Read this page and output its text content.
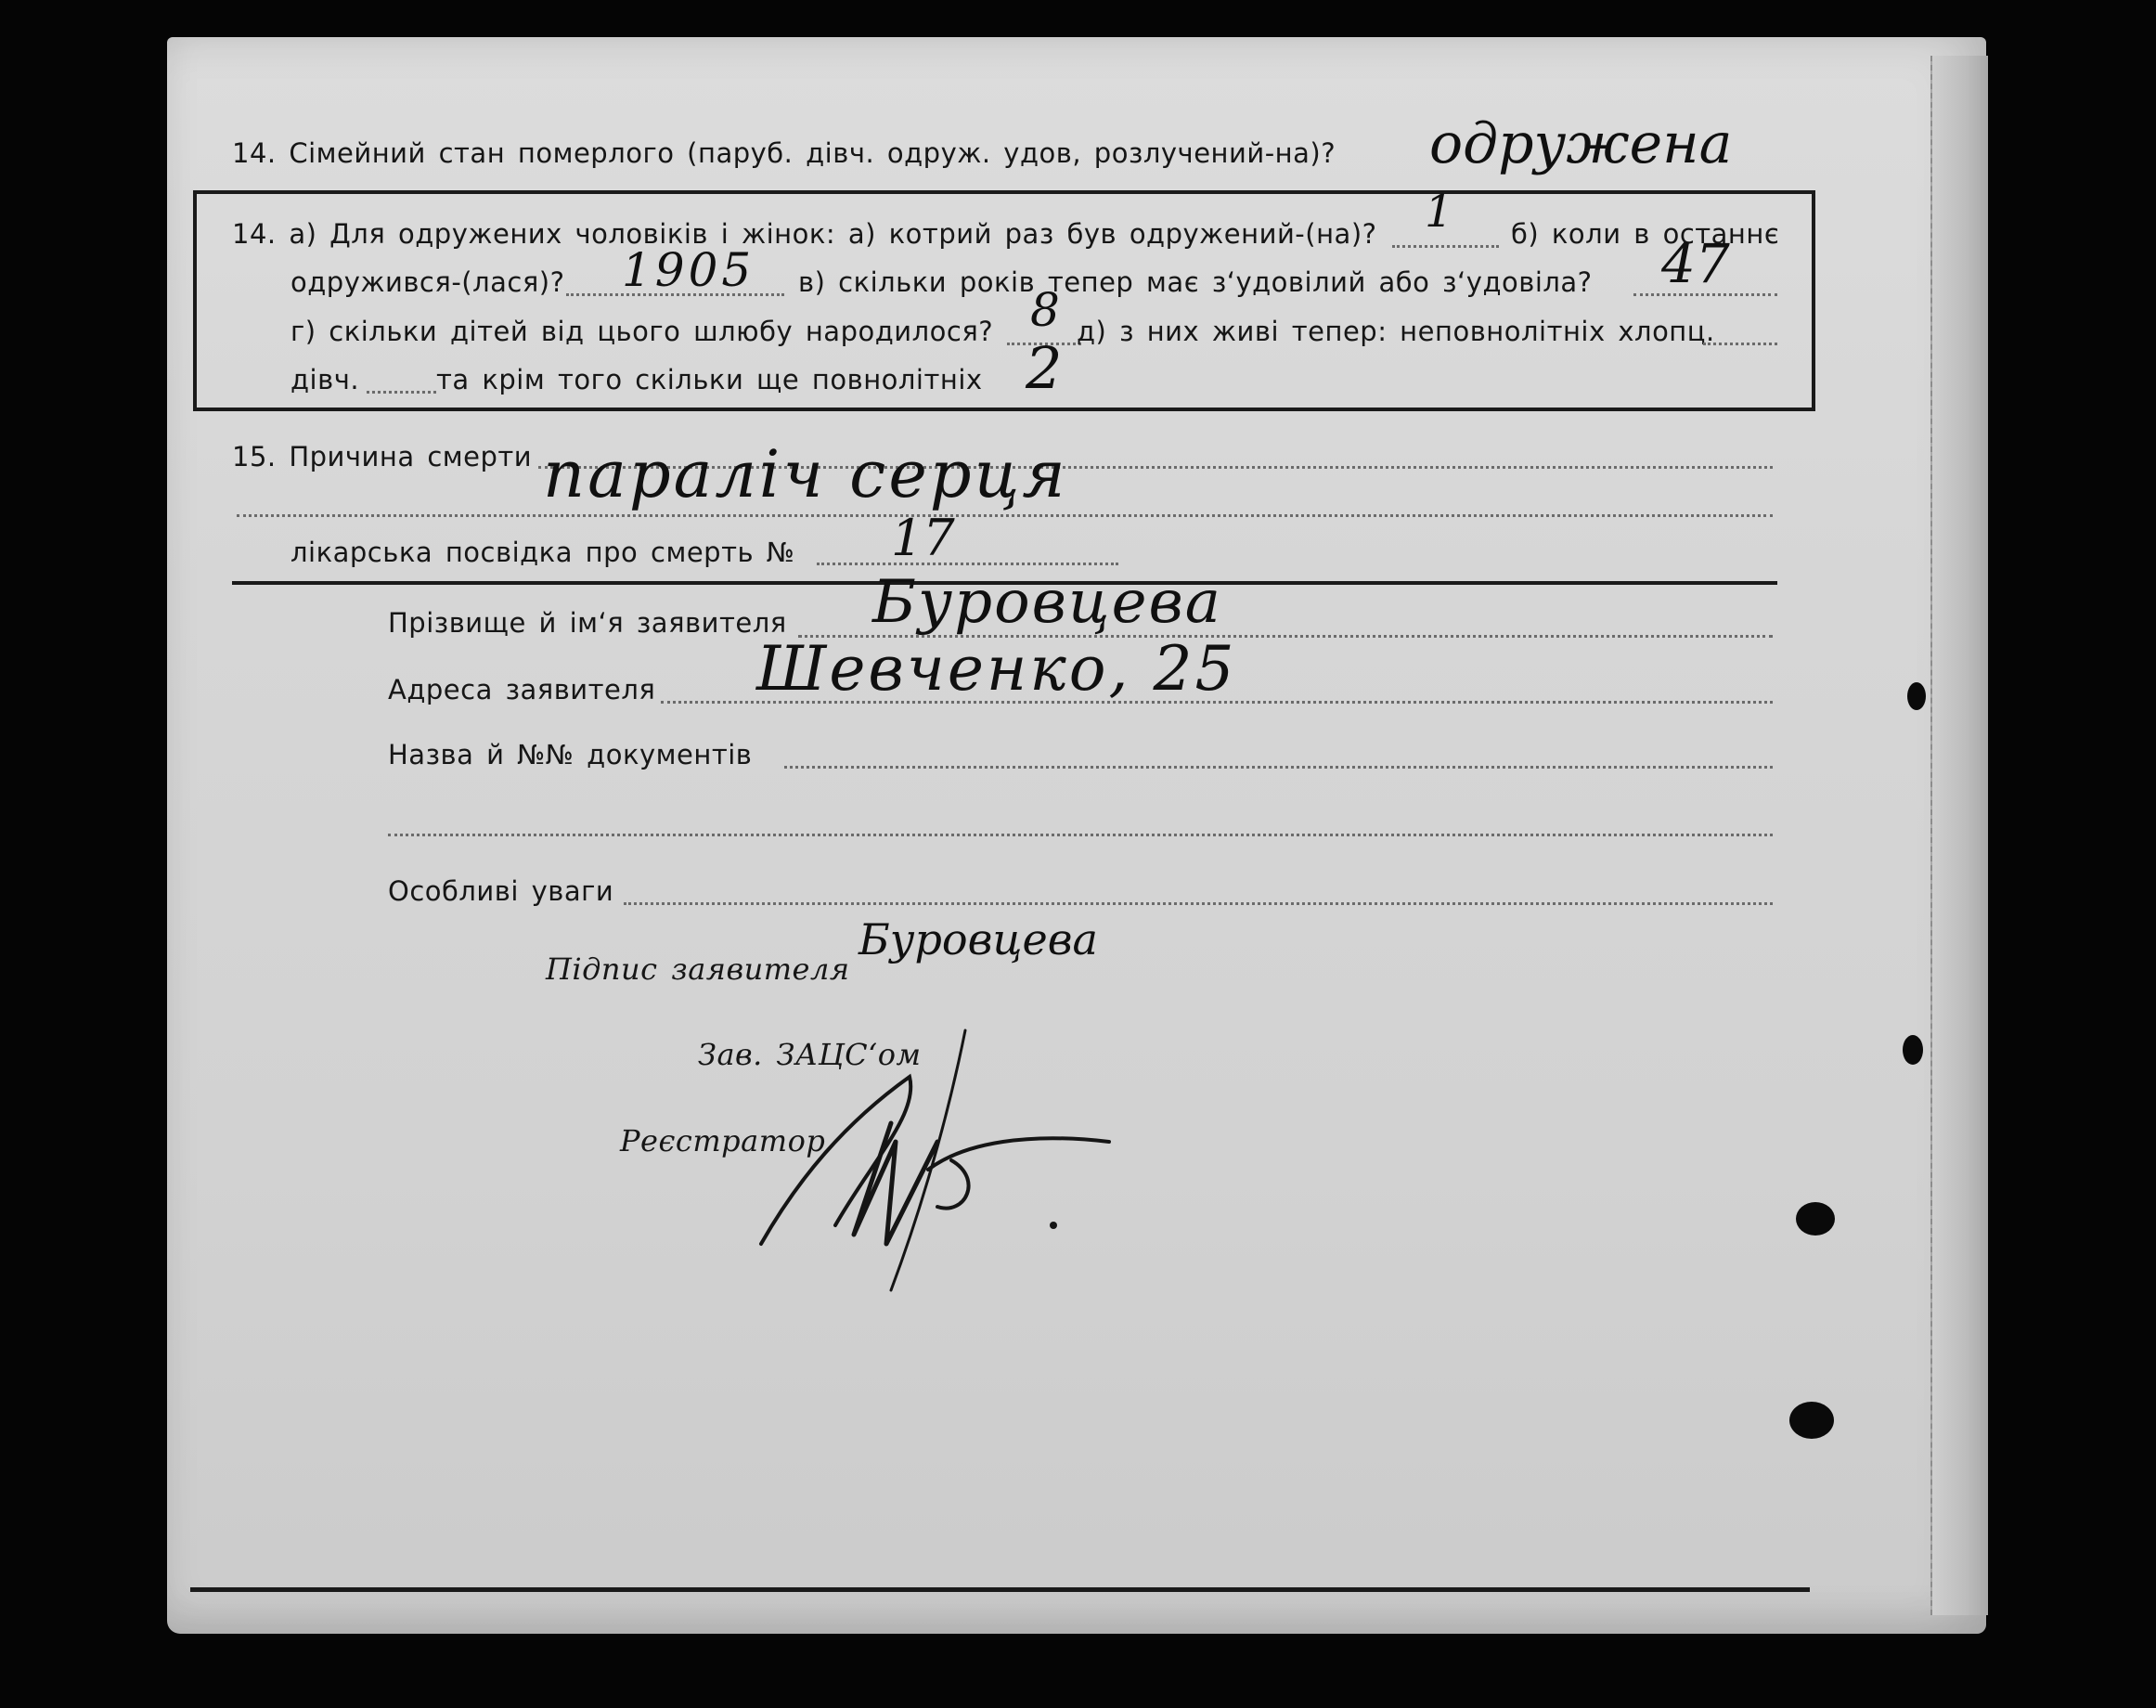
14. Сімейний стан померлого (паруб. дівч. одруж. удов, розлучений-на)? одружена
14. а) Для одружених чоловіків і жінок: а) котрий раз був одружений-(на)? 1 б) коли в останнє
одружився-(лася)? 1905 в) скільки років тепер має з‘удовілий або з‘удовіла? 47
г) скільки дітей від цього шлюбу народилося? 8 д) з них живі тепер: неповнолітніх хлопц.
дівч.	та крім того скільки ще повнолітніх 2
15. Причина смерти параліч серця
лікарська посвідка про смерть № 17
Прізвище й ім‘я заявителя Буровцева
Адреса заявителя Шевченко, 25
Назва й №№ документів
Особливі уваги
Підпис заявителя
Буровцева
Зав. ЗАЦС‘ом
Реєстратор
